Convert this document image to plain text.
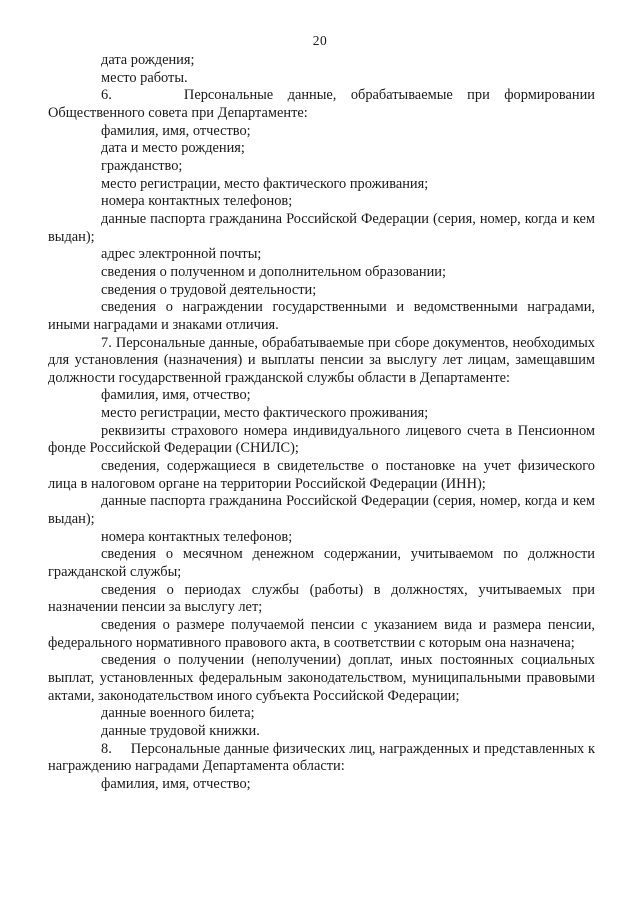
20

дата рождения;

место работы.

6.     Персональные данные, обрабатываемые при формировании Общественного совета при Департаменте:

фамилия, имя, отчество;

дата и место рождения;

гражданство;

место регистрации, место фактического проживания;

номера контактных телефонов;

данные паспорта гражданина Российской Федерации (серия, номер, когда и кем выдан);

адрес электронной почты;

сведения о полученном и дополнительном образовании;

сведения о трудовой деятельности;

сведения о награждении государственными и ведомственными наградами, иными наградами и знаками отличия.

7. Персональные данные, обрабатываемые при сборе документов, необходимых для установления (назначения) и выплаты пенсии за выслугу лет лицам, замещавшим должности государственной гражданской службы области в Департаменте:

фамилия, имя, отчество;

место регистрации, место фактического проживания;

реквизиты страхового номера индивидуального лицевого счета в Пенсионном фонде Российской Федерации (СНИЛС);

сведения, содержащиеся в свидетельстве о постановке на учет физического лица в налоговом органе на территории Российской Федерации (ИНН);

данные паспорта гражданина Российской Федерации (серия, номер, когда и кем выдан);

номера контактных телефонов;

сведения о месячном денежном содержании, учитываемом по должности гражданской службы;

сведения о периодах службы (работы) в должностях, учитываемых при назначении пенсии за выслугу лет;

сведения о размере получаемой пенсии с указанием вида и размера пенсии, федерального нормативного правового акта, в соответствии с которым она назначена;

сведения о получении (неполучении) доплат, иных постоянных социальных выплат, установленных федеральным законодательством, муниципальными правовыми актами, законодательством иного субъекта Российской Федерации;

данные военного билета;

данные трудовой книжки.

8.     Персональные данные физических лиц, награжденных и представленных к награждению наградами Департамента области:

фамилия, имя, отчество;
